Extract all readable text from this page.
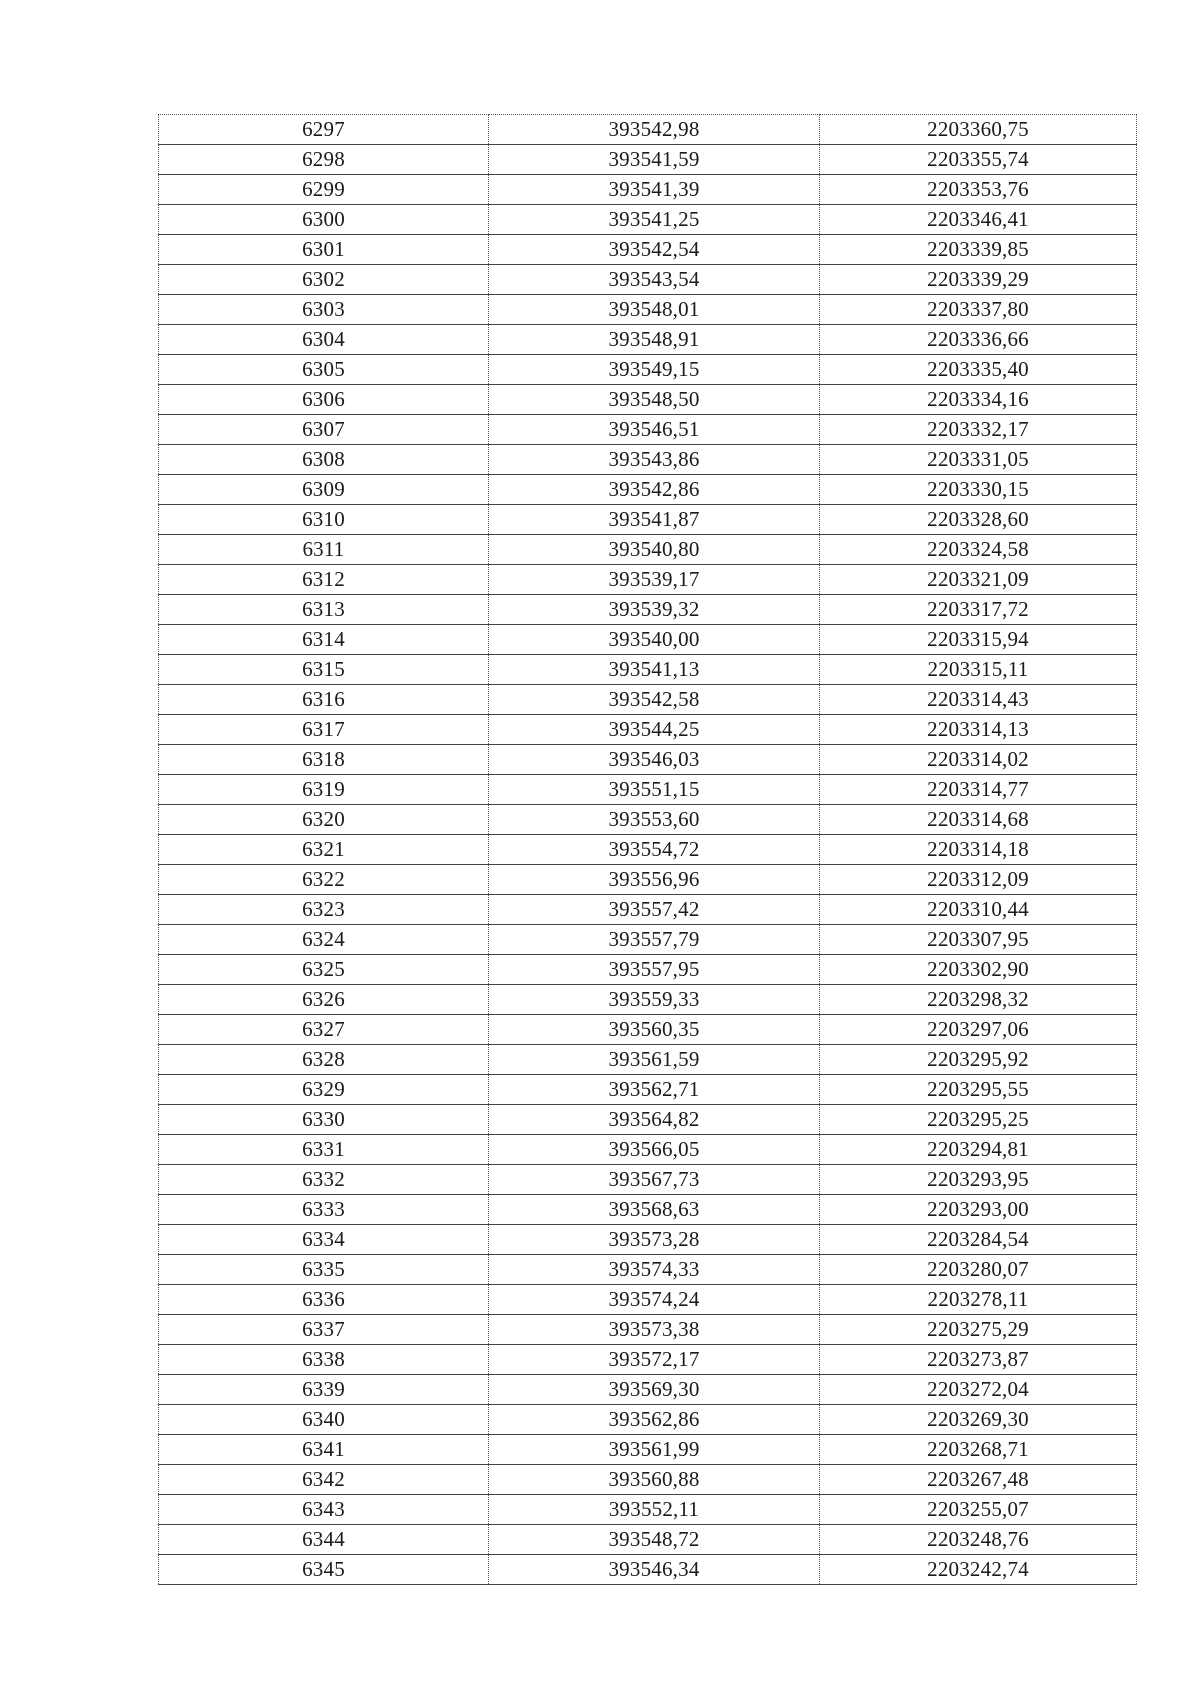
6297	393542,98	2203360,75
6298	393541,59	2203355,74
6299	393541,39	2203353,76
6300	393541,25	2203346,41
6301	393542,54	2203339,85
6302	393543,54	2203339,29
6303	393548,01	2203337,80
6304	393548,91	2203336,66
6305	393549,15	2203335,40
6306	393548,50	2203334,16
6307	393546,51	2203332,17
6308	393543,86	2203331,05
6309	393542,86	2203330,15
6310	393541,87	2203328,60
6311	393540,80	2203324,58
6312	393539,17	2203321,09
6313	393539,32	2203317,72
6314	393540,00	2203315,94
6315	393541,13	2203315,11
6316	393542,58	2203314,43
6317	393544,25	2203314,13
6318	393546,03	2203314,02
6319	393551,15	2203314,77
6320	393553,60	2203314,68
6321	393554,72	2203314,18
6322	393556,96	2203312,09
6323	393557,42	2203310,44
6324	393557,79	2203307,95
6325	393557,95	2203302,90
6326	393559,33	2203298,32
6327	393560,35	2203297,06
6328	393561,59	2203295,92
6329	393562,71	2203295,55
6330	393564,82	2203295,25
6331	393566,05	2203294,81
6332	393567,73	2203293,95
6333	393568,63	2203293,00
6334	393573,28	2203284,54
6335	393574,33	2203280,07
6336	393574,24	2203278,11
6337	393573,38	2203275,29
6338	393572,17	2203273,87
6339	393569,30	2203272,04
6340	393562,86	2203269,30
6341	393561,99	2203268,71
6342	393560,88	2203267,48
6343	393552,11	2203255,07
6344	393548,72	2203248,76
6345	393546,34	2203242,74
